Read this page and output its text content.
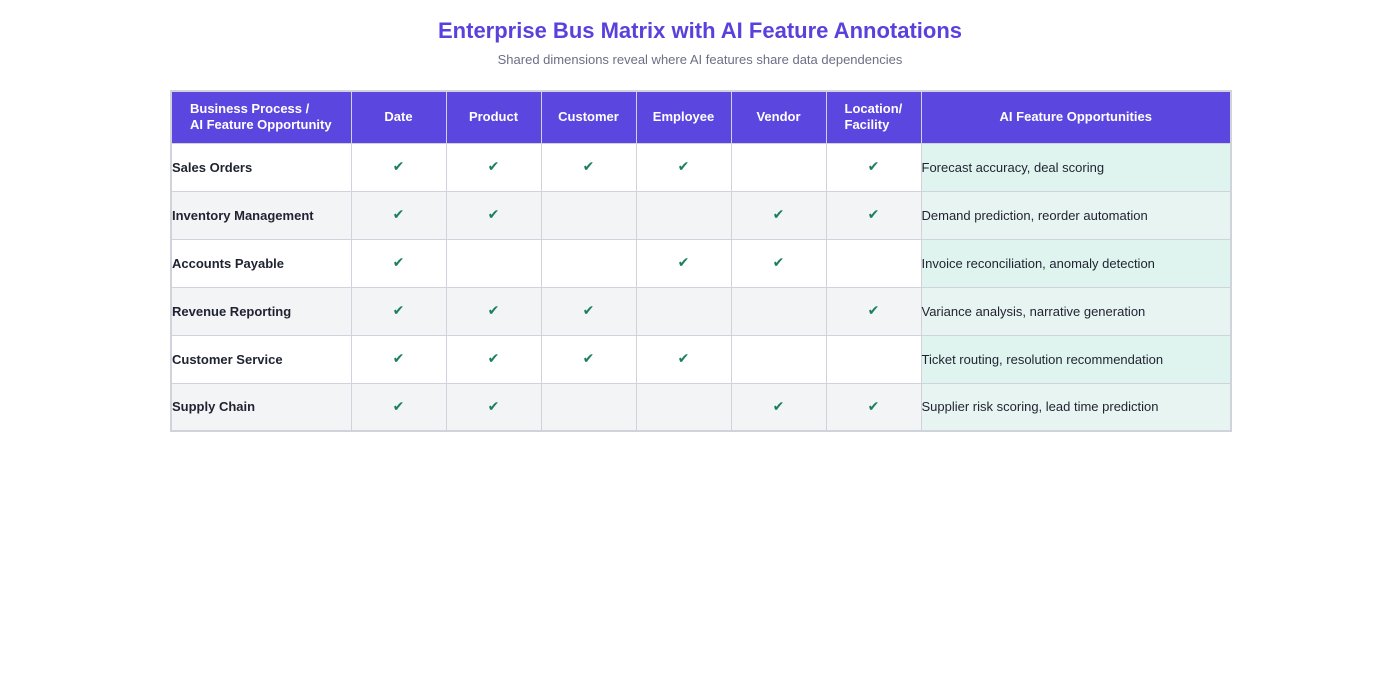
Enterprise Bus Matrix with AI Feature Annotations
Shared dimensions reveal where AI features share data dependencies
Business Process /
AI Feature Opportunity	Date	Product	Customer	Employee	Vendor	Location/
Facility	AI Feature Opportunities
Sales Orders	✔	✔	✔	✔		✔	Forecast accuracy, deal scoring
Inventory Management	✔	✔			✔	✔	Demand prediction, reorder automation
Accounts Payable	✔			✔	✔		Invoice reconciliation, anomaly detection
Revenue Reporting	✔	✔	✔			✔	Variance analysis, narrative generation
Customer Service	✔	✔	✔	✔			Ticket routing, resolution recommendation
Supply Chain	✔	✔			✔	✔	Supplier risk scoring, lead time prediction
